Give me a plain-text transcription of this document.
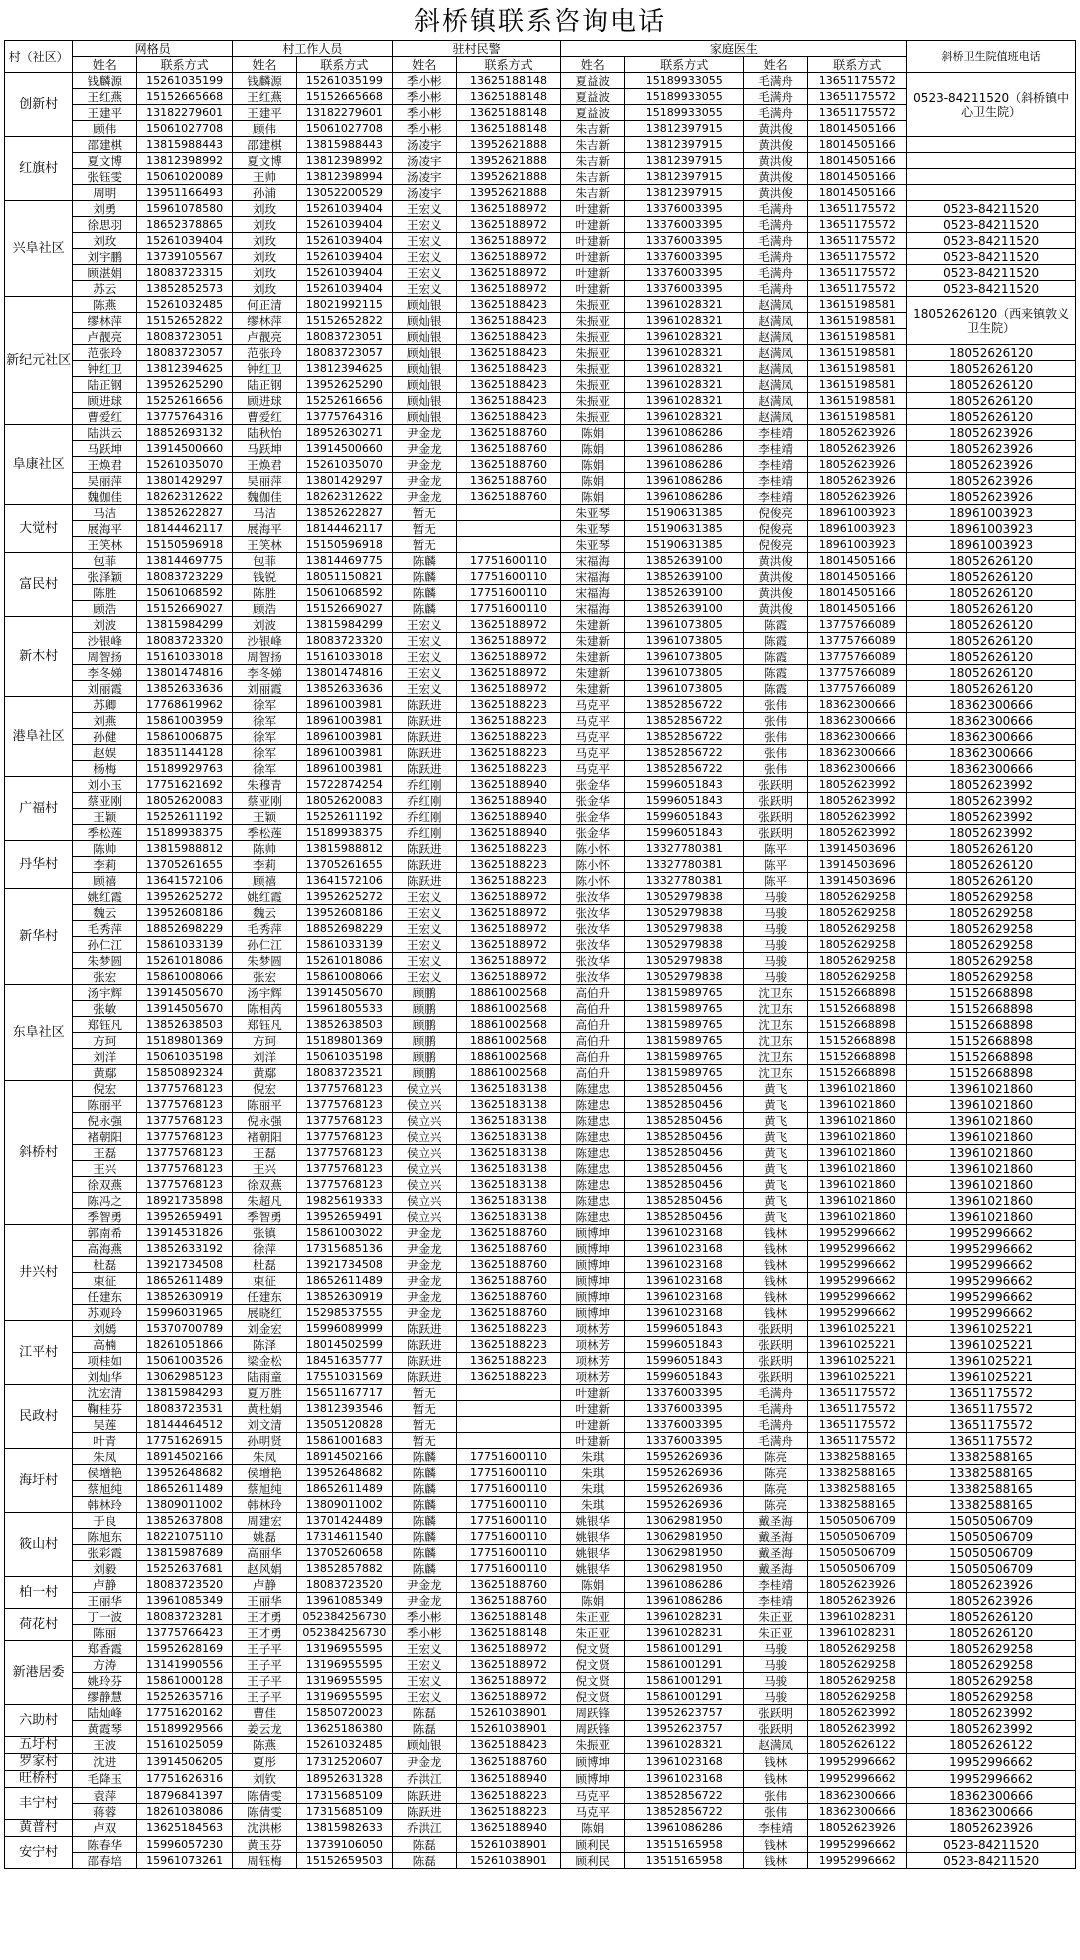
斜桥镇联系咨询电话
村（社区）	网格员		村工作人员		驻村民警		家庭医生				斜桥卫生院值班电话
	姓名	联系方式	姓名	联系方式	姓名	联系方式	姓名	联系方式	姓名	联系方式	
创新村	钱麟源	15261035199	钱麟源	15261035199	季小彬	13625188148	夏益波	15189933055	毛满舟	13651175572	0523-84211520（斜桥镇中心卫生院）
	王红燕	15152665668	王红燕	15152665668	季小彬	13625188148	夏益波	15189933055	毛满舟	13651175572	
	王建平	13182279601	王建平	13182279601	季小彬	13625188148	夏益波	15189933055	毛满舟	13651175572	
	顾伟	15061027708	顾伟	15061027708	季小彬	13625188148	朱吉新	13812397915	黄洪俊	18014505166	
红旗村	邵建棋	13815988443	邵建棋	13815988443	汤凌宇	13952621888	朱吉新	13812397915	黄洪俊	18014505166	
	夏文博	13812398992	夏文博	13812398992	汤凌宇	13952621888	朱吉新	13812397915	黄洪俊	18014505166	
	张钰雯	15061020089	王帅	13812398994	汤凌宇	13952621888	朱吉新	13812397915	黄洪俊	18014505166	
	周明	13951166493	孙浦	13052200529	汤凌宇	13952621888	朱吉新	13812397915	黄洪俊	18014505166	
兴阜社区	刘勇	15961078580	刘玫	15261039404	王宏义	13625188972	叶建新	13376003395	毛满舟	13651175572	0523-84211520
	徐思羽	18652378865	刘玫	15261039404	王宏义	13625188972	叶建新	13376003395	毛满舟	13651175572	0523-84211520
	刘玫	15261039404	刘玫	15261039404	王宏义	13625188972	叶建新	13376003395	毛满舟	13651175572	0523-84211520
	刘宇鹏	13739105567	刘玫	15261039404	王宏义	13625188972	叶建新	13376003395	毛满舟	13651175572	0523-84211520
	顾湛娟	18083723315	刘玫	15261039404	王宏义	13625188972	叶建新	13376003395	毛满舟	13651175572	0523-84211520
	苏云	13852852573	刘玫	15261039404	王宏义	13625188972	叶建新	13376003395	毛满舟	13651175572	0523-84211520
新纪元社区	陈燕	15261032485	何正清	18021992115	顾灿银	13625188423	朱振亚	13961028321	赵满凤	13615198581	18052626120（西来镇敦义卫生院）
	缪林萍	15152652822	缪林萍	15152652822	顾灿银	13625188423	朱振亚	13961028321	赵满凤	13615198581	
	卢靓亮	18083723051	卢靓亮	18083723051	顾灿银	13625188423	朱振亚	13961028321	赵满凤	13615198581	
	范张玲	18083723057	范张玲	18083723057	顾灿银	13625188423	朱振亚	13961028321	赵满凤	13615198581	18052626120
	钟红卫	13812394625	钟红卫	13812394625	顾灿银	13625188423	朱振亚	13961028321	赵满凤	13615198581	18052626120
	陆正钢	13952625290	陆正钢	13952625290	顾灿银	13625188423	朱振亚	13961028321	赵满凤	13615198581	18052626120
	顾进球	15252616656	顾进球	15252616656	顾灿银	13625188423	朱振亚	13961028321	赵满凤	13615198581	18052626120
	曹爱红	13775764316	曹爱红	13775764316	顾灿银	13625188423	朱振亚	13961028321	赵满凤	13615198581	18052626120
阜康社区	陆洪云	18852693132	陆秋怡	18952630271	尹金龙	13625188760	陈娟	13961086286	李桂靖	18052623926	18052623926
	马跃坤	13914500660	马跃坤	13914500660	尹金龙	13625188760	陈娟	13961086286	李桂靖	18052623926	18052623926
	王焕君	15261035070	王焕君	15261035070	尹金龙	13625188760	陈娟	13961086286	李桂靖	18052623926	18052623926
	吴丽萍	13801429297	吴丽萍	13801429297	尹金龙	13625188760	陈娟	13961086286	李桂靖	18052623926	18052623926
	魏伽佳	18262312622	魏伽佳	18262312622	尹金龙	13625188760	陈娟	13961086286	李桂靖	18052623926	18052623926
大觉村	马洁	13852622827	马洁	13852622827	暂无		朱亚琴	15190631385	倪俊亮	18961003923	18961003923
	展海平	18144462117	展海平	18144462117	暂无		朱亚琴	15190631385	倪俊亮	18961003923	18961003923
	王笑林	15150596918	王笑林	15150596918	暂无		朱亚琴	15190631385	倪俊亮	18961003923	18961003923
富民村	包菲	13814469775	包菲	13814469775	陈麟	17751600110	宋福海	13852639100	黄洪俊	18014505166	18052626120
	张泽颖	18083723229	钱锐	18051150821	陈麟	17751600110	宋福海	13852639100	黄洪俊	18014505166	18052626120
	陈胜	15061068592	陈胜	15061068592	陈麟	17751600110	宋福海	13852639100	黄洪俊	18014505166	18052626120
	顾浩	15152669027	顾浩	15152669027	陈麟	17751600110	宋福海	13852639100	黄洪俊	18014505166	18052626120
新木村	刘波	13815984299	刘波	13815984299	王宏义	13625188972	朱建新	13961073805	陈霞	13775766089	18052626120
	沙银峰	18083723320	沙银峰	18083723320	王宏义	13625188972	朱建新	13961073805	陈霞	13775766089	18052626120
	周智扬	15161033018	周智扬	15161033018	王宏义	13625188972	朱建新	13961073805	陈霞	13775766089	18052626120
	李冬娣	13801474816	李冬娣	13801474816	王宏义	13625188972	朱建新	13961073805	陈霞	13775766089	18052626120
	刘丽霞	13852633636	刘丽霞	13852633636	王宏义	13625188972	朱建新	13961073805	陈霞	13775766089	18052626120
港阜社区	苏卿	17768619962	徐军	18961003981	陈跃进	13625188223	马克平	13852856722	张伟	18362300666	18362300666
	刘燕	15861003959	徐军	18961003981	陈跃进	13625188223	马克平	13852856722	张伟	18362300666	18362300666
	孙健	15861006875	徐军	18961003981	陈跃进	13625188223	马克平	13852856722	张伟	18362300666	18362300666
	赵娱	18351144128	徐军	18961003981	陈跃进	13625188223	马克平	13852856722	张伟	18362300666	18362300666
	杨梅	15189929763	徐军	18961003981	陈跃进	13625188223	马克平	13852856722	张伟	18362300666	18362300666
广福村	刘小玉	17751621692	朱穆青	15722874254	乔红刚	13625188940	张金华	15996051843	张跃明	18052623992	18052623992
	蔡亚刚	18052620083	蔡亚刚	18052620083	乔红刚	13625188940	张金华	15996051843	张跃明	18052623992	18052623992
	王颖	15252611192	王颖	15252611192	乔红刚	13625188940	张金华	15996051843	张跃明	18052623992	18052623992
	季松莲	15189938375	季松莲	15189938375	乔红刚	13625188940	张金华	15996051843	张跃明	18052623992	18052623992
丹华村	陈帅	13815988812	陈帅	13815988812	陈跃进	13625188223	陈小怀	13327780381	陈平	13914503696	18052626120
	李莉	13705261655	李莉	13705261655	陈跃进	13625188223	陈小怀	13327780381	陈平	13914503696	18052626120
	顾禧	13641572106	顾禧	13641572106	陈跃进	13625188223	陈小怀	13327780381	陈平	13914503696	18052626120
新华村	姚红霞	13952625272	姚红霞	13952625272	王宏义	13625188972	张汝华	13052979838	马骏	18052629258	18052629258
	魏云	13952608186	魏云	13952608186	王宏义	13625188972	张汝华	13052979838	马骏	18052629258	18052629258
	毛秀萍	18852698229	毛秀萍	18852698229	王宏义	13625188972	张汝华	13052979838	马骏	18052629258	18052629258
	孙仁江	15861033139	孙仁江	15861033139	王宏义	13625188972	张汝华	13052979838	马骏	18052629258	18052629258
	朱梦圆	15261018086	朱梦圆	15261018086	王宏义	13625188972	张汝华	13052979838	马骏	18052629258	18052629258
	张宏	15861008066	张宏	15861008066	王宏义	13625188972	张汝华	13052979838	马骏	18052629258	18052629258
东阜社区	汤宇辉	13914505670	汤宇辉	13914505670	顾鹏	18861002568	高伯升	13815989765	沈卫东	15152668898	15152668898
	张敏	13914505670	陈相芮	15961805533	顾鹏	18861002568	高伯升	13815989765	沈卫东	15152668898	15152668898
	郑钰凡	13852638503	郑钰凡	13852638503	顾鹏	18861002568	高伯升	13815989765	沈卫东	15152668898	15152668898
	方珂	15189801369	方珂	15189801369	顾鹏	18861002568	高伯升	13815989765	沈卫东	15152668898	15152668898
	刘洋	15061035198	刘洋	15061035198	顾鹏	18861002568	高伯升	13815989765	沈卫东	15152668898	15152668898
	黄鄢	15850892324	黄鄢	18083723521	顾鹏	18861002568	高伯升	13815989765	沈卫东	15152668898	15152668898
斜桥村	倪宏	13775768123	倪宏	13775768123	侯立兴	13625183138	陈建忠	13852850456	黄飞	13961021860	13961021860
	陈丽平	13775768123	陈丽平	13775768123	侯立兴	13625183138	陈建忠	13852850456	黄飞	13961021860	13961021860
	倪永强	13775768123	倪永强	13775768123	侯立兴	13625183138	陈建忠	13852850456	黄飞	13961021860	13961021860
	褚朝阳	13775768123	褚朝阳	13775768123	侯立兴	13625183138	陈建忠	13852850456	黄飞	13961021860	13961021860
	王磊	13775768123	王磊	13775768123	侯立兴	13625183138	陈建忠	13852850456	黄飞	13961021860	13961021860
	王兴	13775768123	王兴	13775768123	侯立兴	13625183138	陈建忠	13852850456	黄飞	13961021860	13961021860
	徐双燕	13775768123	徐双燕	13775768123	侯立兴	13625183138	陈建忠	13852850456	黄飞	13961021860	13961021860
	陈冯之	18921735898	朱超凡	19825619333	侯立兴	13625183138	陈建忠	13852850456	黄飞	13961021860	13961021860
	季智勇	13952659491	季智勇	13952659491	侯立兴	13625183138	陈建忠	13852850456	黄飞	13961021860	13961021860
井兴村	郭南希	13914531826	张镇	15861003022	尹金龙	13625188760	顾博坤	13961023168	钱林	19952996662	19952996662
	高海燕	13852633192	徐萍	17315685136	尹金龙	13625188760	顾博坤	13961023168	钱林	19952996662	19952996662
	杜磊	13921734508	杜磊	13921734508	尹金龙	13625188760	顾博坤	13961023168	钱林	19952996662	19952996662
	束征	18652611489	束征	18652611489	尹金龙	13625188760	顾博坤	13961023168	钱林	19952996662	19952996662
	任建东	13852630919	任建东	13852630919	尹金龙	13625188760	顾博坤	13961023168	钱林	19952996662	19952996662
	苏观玲	15996031965	展晓红	15298537555	尹金龙	13625188760	顾博坤	13961023168	钱林	19952996662	19952996662
江平村	刘嫣	15370700789	刘金宏	15996089999	陈跃进	13625188223	项林芳	15996051843	张跃明	13961025221	13961025221
	高楠	18261051866	陈泽	18014502599	陈跃进	13625188223	项林芳	15996051843	张跃明	13961025221	13961025221
	项桂如	15061003526	梁金松	18451635777	陈跃进	13625188223	项林芳	15996051843	张跃明	13961025221	13961025221
	刘灿华	13062985123	陆雨童	17551031569	陈跃进	13625188223	项林芳	15996051843	张跃明	13961025221	13961025221
民政村	沈宏清	13815984293	夏万胜	15651167717	暂无		叶建新	13376003395	毛满舟	13651175572	13651175572
	鞠桂芬	18083723531	黄杜娟	13812393546	暂无		叶建新	13376003395	毛满舟	13651175572	13651175572
	吴莲	18144464512	刘文清	13505120828	暂无		叶建新	13376003395	毛满舟	13651175572	13651175572
	叶青	17751626915	孙明贤	15861001683	暂无		叶建新	13376003395	毛满舟	13651175572	13651175572
海圩村	朱凤	18914502166	朱凤	18914502166	陈麟	17751600110	朱琪	15952626936	陈亮	13382588165	13382588165
	侯增艳	13952648682	侯增艳	13952648682	陈麟	17751600110	朱琪	15952626936	陈亮	13382588165	13382588165
	蔡旭纯	18652611489	蔡旭纯	18652611489	陈麟	17751600110	朱琪	15952626936	陈亮	13382588165	13382588165
	韩林玲	13809011002	韩林玲	13809011002	陈麟	17751600110	朱琪	15952626936	陈亮	13382588165	13382588165
筱山村	于良	13852637808	周建宏	13701424489	陈麟	17751600110	姚银华	13062981950	戴圣海	15050506709	15050506709
	陈旭东	18221075110	姚磊	17314611540	陈麟	17751600110	姚银华	13062981950	戴圣海	15050506709	15050506709
	张彩霞	13815987689	高丽华	13705260658	陈麟	17751600110	姚银华	13062981950	戴圣海	15050506709	15050506709
	刘毅	15252637681	赵风娟	13852857882	陈麟	17751600110	姚银华	13062981950	戴圣海	15050506709	15050506709
柏一村	卢静	18083723520	卢静	18083723520	尹金龙	13625188760	陈娟	13961086286	李桂靖	18052623926	18052623926
	王丽华	13961085349	王丽华	13961085349	尹金龙	13625188760	陈娟	13961086286	李桂靖	18052623926	18052623926
荷花村	丁一波	18083723281	王才勇	052384256730	季小彬	13625188148	朱正亚	13961028231	朱正亚	13961028231	18052626120
	陈丽	13775766423	王才勇	052384256730	季小彬	13625188148	朱正亚	13961028231	朱正亚	13961028231	18052626120
新港居委	郑香霞	15952628169	王子平	13196955595	王宏义	13625188972	倪文贤	15861001291	马骏	18052629258	18052629258
	方涛	13141990556	王子平	13196955595	王宏义	13625188972	倪文贤	15861001291	马骏	18052629258	18052629258
	姚玲芬	15861000128	王子平	13196955595	王宏义	13625188972	倪文贤	15861001291	马骏	18052629258	18052629258
	缪静慧	15252635716	王子平	13196955595	王宏义	13625188972	倪文贤	15861001291	马骏	18052629258	18052629258
六助村	陆灿峰	17751620162	曹佳	15850720023	陈磊	15261038901	周跃锋	13952623757	张跃明	18052623992	18052623992
	黄霞琴	15189929566	姜云龙	13625186380	陈磊	15261038901	周跃锋	13952623757	张跃明	18052623992	18052623992
五圩村	王波	15161025059	陈燕	15261032485	顾灿银	13625188423	朱振亚	13961028321	赵满凤	18052626122	18052626122
罗家村	沈进	13914506205	夏彤	17312520607	尹金龙	13625188760	顾博坤	13961023168	钱林	19952996662	19952996662
旺桥村	毛降玉	17751626316	刘钦	18952631328	乔洪江	13625188940	顾博坤	13961023168	钱林	19952996662	19952996662
丰宁村	袁萍	18796841397	陈倩雯	17315685109	陈跃进	13625188223	马克平	13852856722	张伟	18362300666	18362300666
	蒋蓉	18261038086	陈倩雯	17315685109	陈跃进	13625188223	马克平	13852856722	张伟	18362300666	18362300666
黄普村	卢双	13625184563	沈洪彬	13815982633	乔洪江	13625188940	陈娟	13961086286	李桂靖	18052623926	18052623926
安宁村	陈春华	15996057230	黄玉芬	13739106050	陈磊	15261038901	顾利民	13515165958	钱林	19952996662	0523-84211520
	邵春培	15961073261	周钰梅	15152659503	陈磊	15261038901	顾利民	13515165958	钱林	19952996662	0523-84211520
